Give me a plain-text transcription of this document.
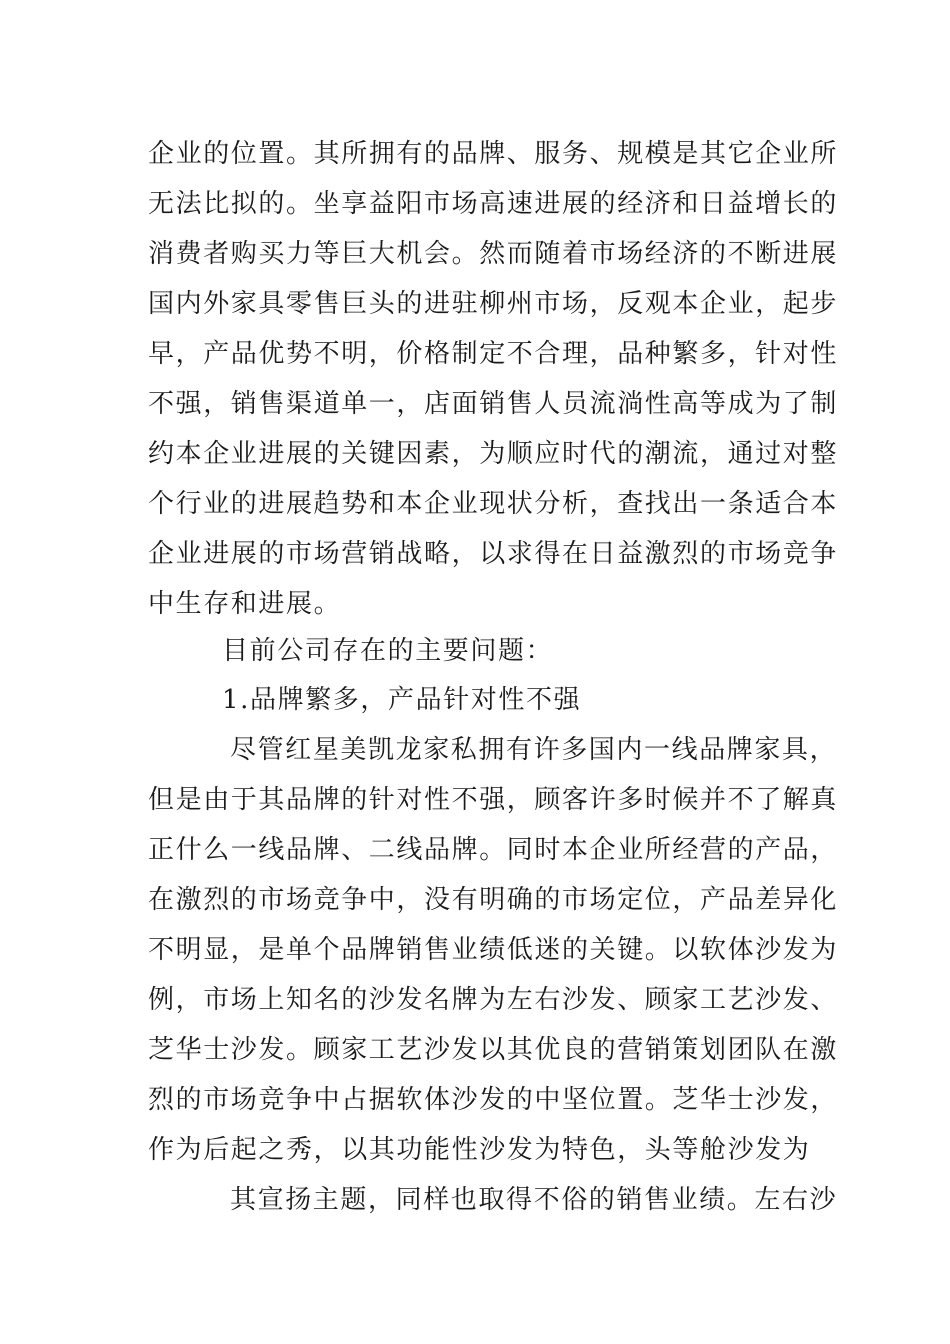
企业的位置。其所拥有的品牌、服务、规模是其它企业所
无法比拟的。坐享益阳市场高速进展的经济和日益增长的
消费者购买力等巨大机会。然而随着市场经济的不断进展
国内外家具零售巨头的进驻柳州市场，反观本企业，起步
早，产品优势不明，价格制定不合理，品种繁多，针对性
不强，销售渠道单一，店面销售人员流淌性高等成为了制
约本企业进展的关键因素，为顺应时代的潮流，通过对整
个行业的进展趋势和本企业现状分析，查找出一条适合本
企业进展的市场营销战略，以求得在日益激烈的市场竞争
中生存和进展。
目前公司存在的主要问题：
1.品牌繁多，产品针对性不强
尽管红星美凯龙家私拥有许多国内一线品牌家具，
但是由于其品牌的针对性不强，顾客许多时候并不了解真
正什么一线品牌、二线品牌。同时本企业所经营的产品，
在激烈的市场竞争中，没有明确的市场定位，产品差异化
不明显，是单个品牌销售业绩低迷的关键。以软体沙发为
例，市场上知名的沙发名牌为左右沙发、顾家工艺沙发、
芝华士沙发。顾家工艺沙发以其优良的营销策划团队在激
烈的市场竞争中占据软体沙发的中坚位置。芝华士沙发，
作为后起之秀，以其功能性沙发为特色，头等舱沙发为
其宣扬主题，同样也取得不俗的销售业绩。左右沙
